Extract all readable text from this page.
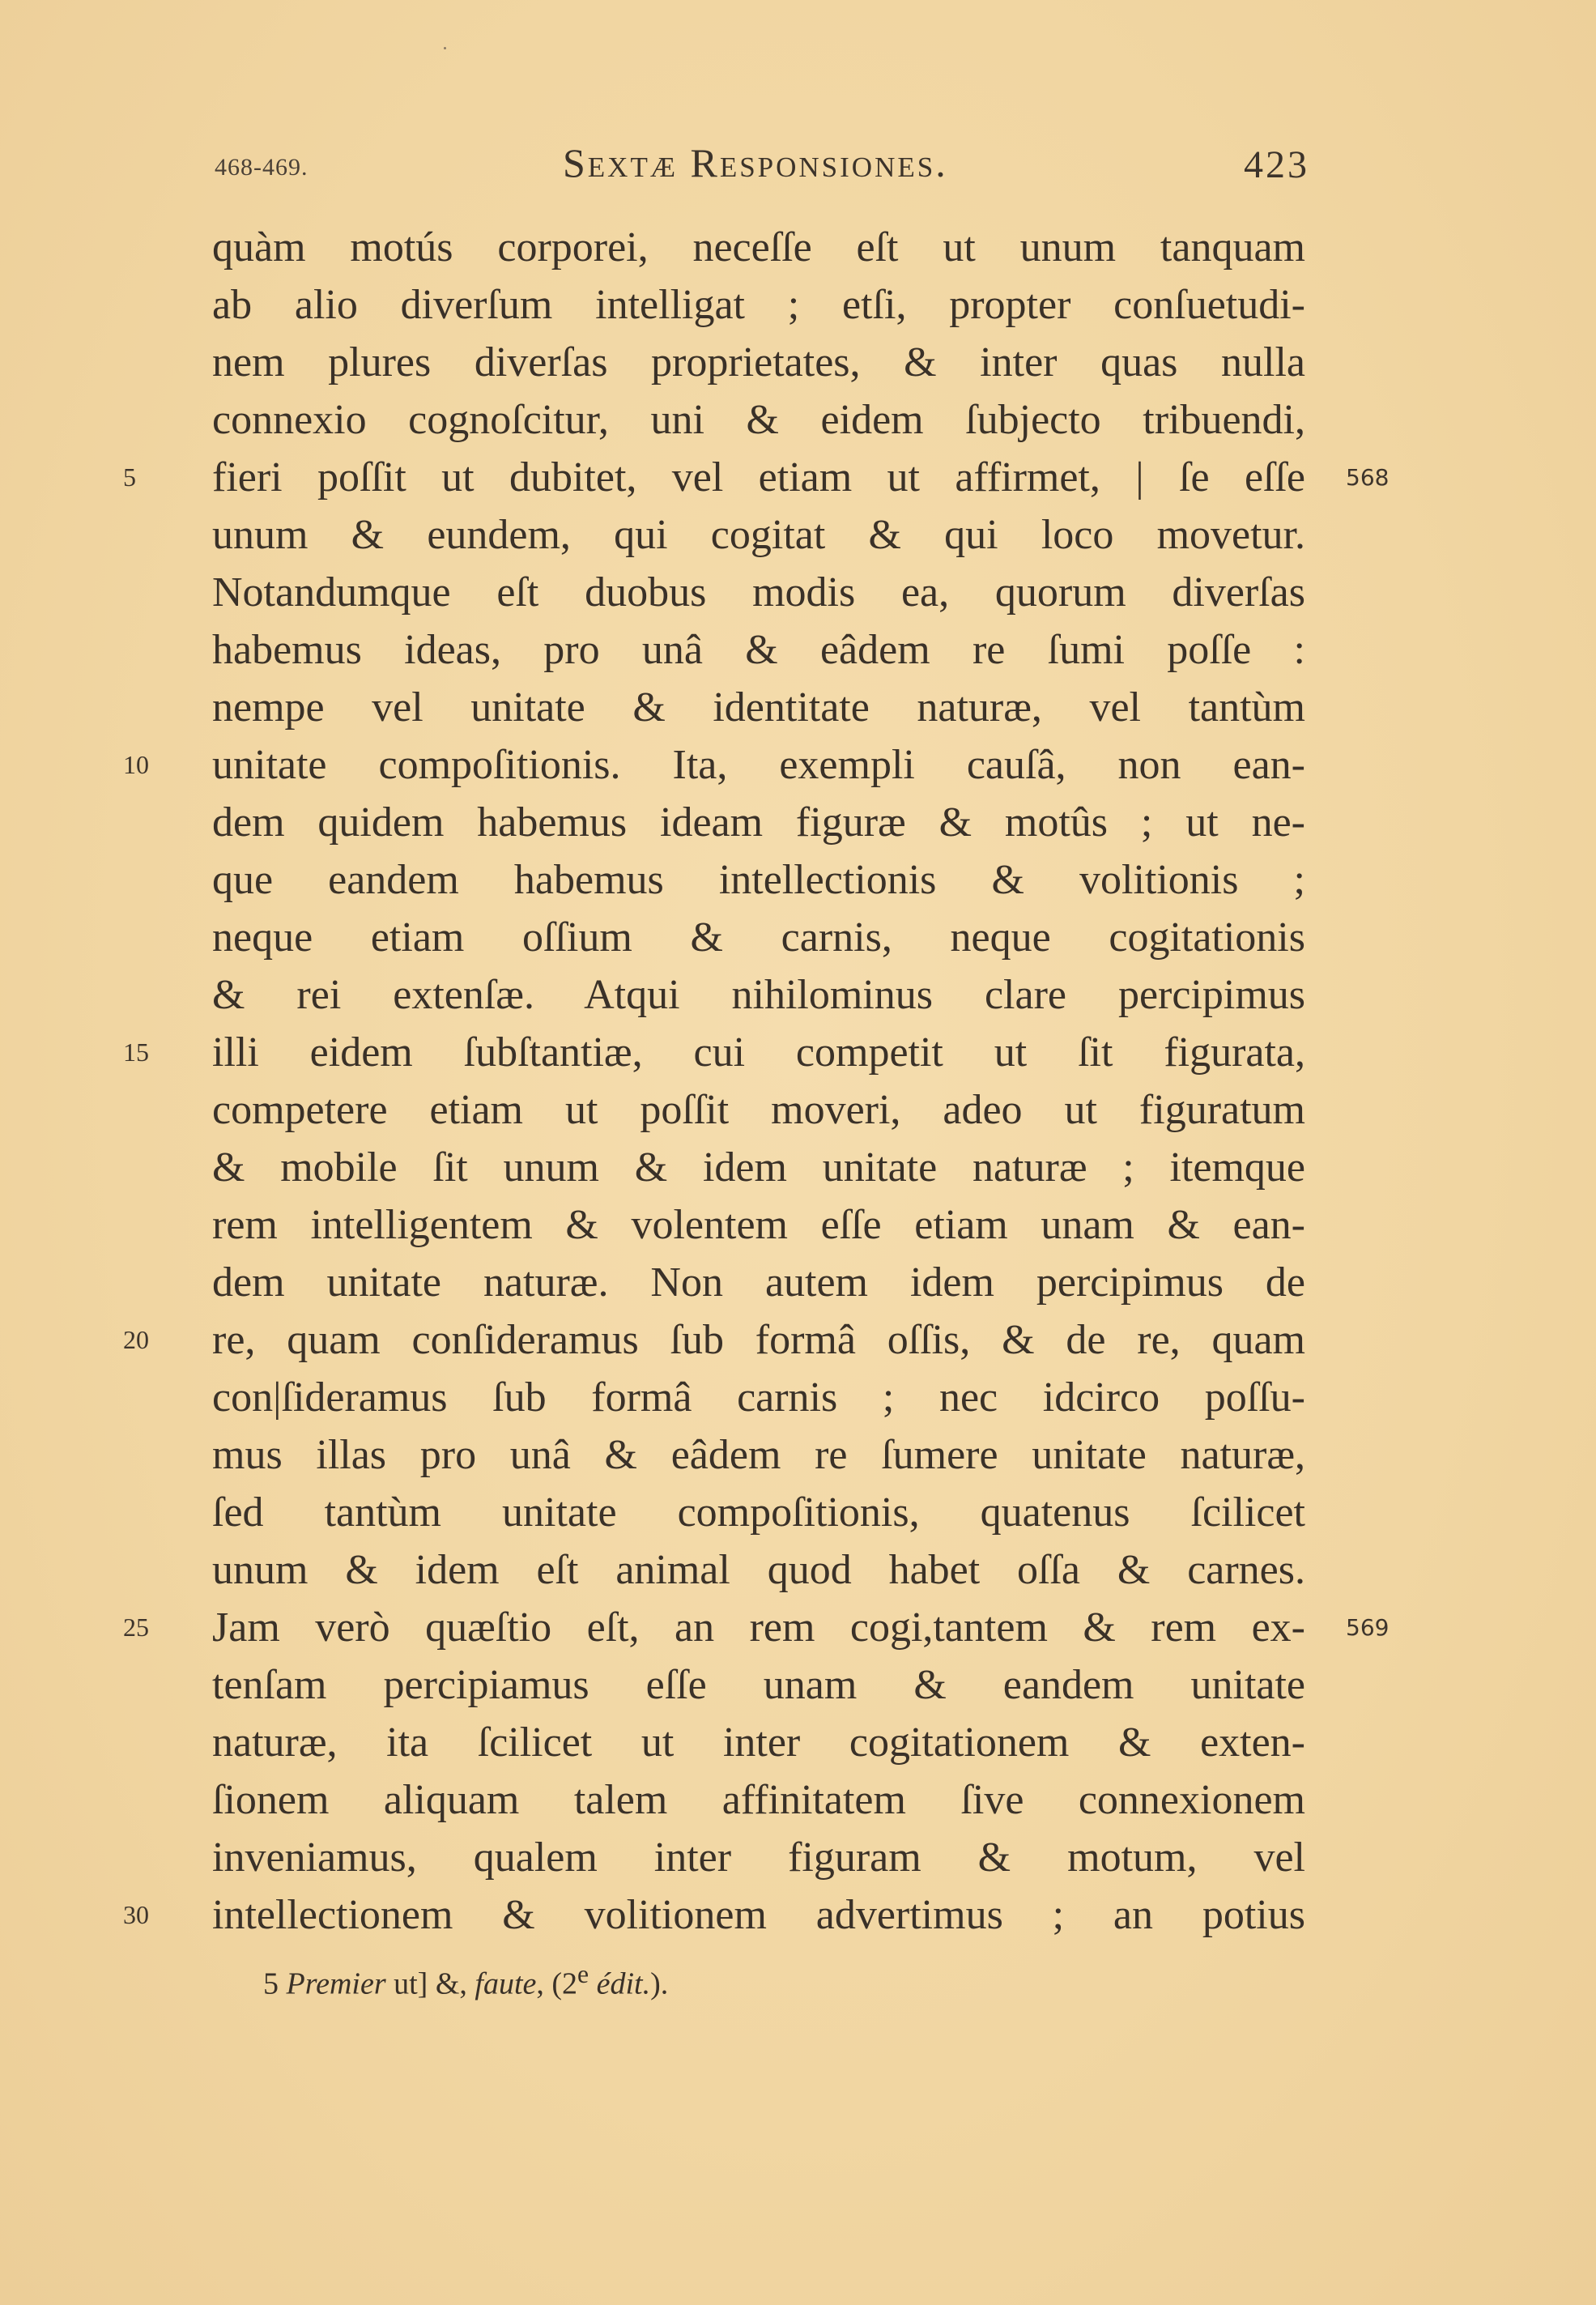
468-469.	Sextæ Responsiones.	423
quàm motús corporei, neceſſe eſt ut unum tanquam
ab alio diverſum intelligat ; etſi, propter conſuetudi-
nem plures diverſas proprietates, & inter quas nulla
connexio cognoſcitur, uni & eidem ſubjecto tribuendi,
5	fieri poſſit ut dubitet, vel etiam ut affirmet, | ſe eſſe 568
unum & eundem, qui cogitat & qui loco movetur.
Notandumque eſt duobus modis ea, quorum diverſas
habemus ideas, pro unâ & eâdem re ſumi poſſe :
nempe vel unitate & identitate naturæ, vel tantùm
10	unitate compoſitionis. Ita, exempli cauſâ, non ean-
dem quidem habemus ideam figuræ & motûs ; ut ne-
que eandem habemus intellectionis & volitionis ;
neque etiam oſſium & carnis, neque cogitationis
& rei extenſæ. Atqui nihilominus clare percipimus
15	illi eidem ſubſtantiæ, cui competit ut ſit figurata,
competere etiam ut poſſit moveri, adeo ut figuratum
& mobile ſit unum & idem unitate naturæ ; itemque
rem intelligentem & volentem eſſe etiam unam & ean-
dem unitate naturæ. Non autem idem percipimus de
20	re, quam conſideramus ſub formâ oſſis, & de re, quam
con|ſideramus ſub formâ carnis ; nec idcirco poſſu-
mus illas pro unâ & eâdem re ſumere unitate naturæ,
ſed tantùm unitate compoſitionis, quatenus ſcilicet
unum & idem eſt animal quod habet oſſa & carnes.
25	Jam verò quæſtio eſt, an rem cogi,tantem & rem ex- 569
tenſam percipiamus eſſe unam & eandem unitate
naturæ, ita ſcilicet ut inter cogitationem & exten-
ſionem aliquam talem affinitatem ſive connexionem
inveniamus, qualem inter figuram & motum, vel
30	intellectionem & volitionem advertimus ; an potius
5 Premier ut] &, faute, (2e édit.).
